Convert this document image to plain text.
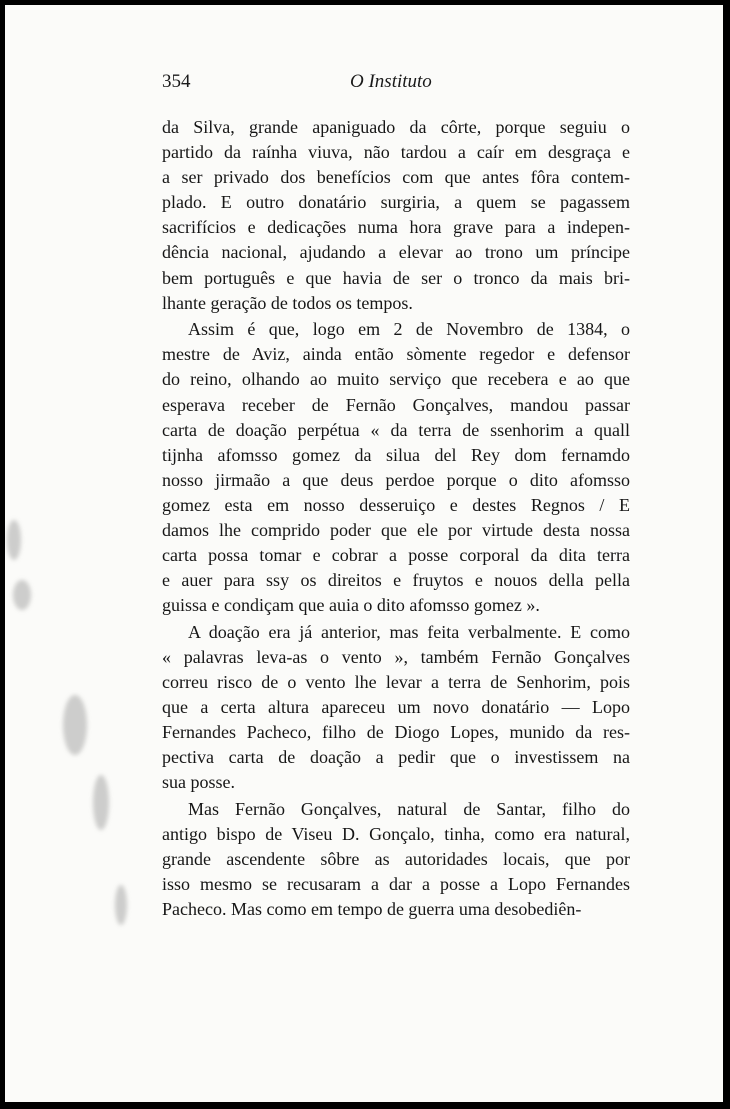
354	O Instituto
da Silva, grande apaniguado da côrte, porque seguiu o
partido da raínha viuva, não tardou a caír em desgraça e
a ser privado dos benefícios com que antes fôra contem-
plado. E outro donatário surgiria, a quem se pagassem
sacrifícios e dedicações numa hora grave para a indepen-
dência nacional, ajudando a elevar ao trono um príncipe
bem português e que havia de ser o tronco da mais bri-
lhante geração de todos os tempos.
Assim é que, logo em 2 de Novembro de 1384, o
mestre de Aviz, ainda então sòmente regedor e defensor
do reino, olhando ao muito serviço que recebera e ao que
esperava receber de Fernão Gonçalves, mandou passar
carta de doação perpétua « da terra de ssenhorim a quall
tijnha afomsso gomez da silua del Rey dom fernamdo
nosso jirmaão a que deus perdoe porque o dito afomsso
gomez esta em nosso desseruiço e destes Regnos / E
damos lhe comprido poder que ele por virtude desta nossa
carta possa tomar e cobrar a posse corporal da dita terra
e auer para ssy os direitos e fruytos e nouos della pella
guissa e condiçam que auia o dito afomsso gomez ».
A doação era já anterior, mas feita verbalmente. E como
« palavras leva-as o vento », também Fernão Gonçalves
correu risco de o vento lhe levar a terra de Senhorim, pois
que a certa altura apareceu um novo donatário — Lopo
Fernandes Pacheco, filho de Diogo Lopes, munido da res-
pectiva carta de doação a pedir que o investissem na
sua posse.
Mas Fernão Gonçalves, natural de Santar, filho do
antigo bispo de Viseu D. Gonçalo, tinha, como era natural,
grande ascendente sôbre as autoridades locais, que por
isso mesmo se recusaram a dar a posse a Lopo Fernandes
Pacheco. Mas como em tempo de guerra uma desobediên-
